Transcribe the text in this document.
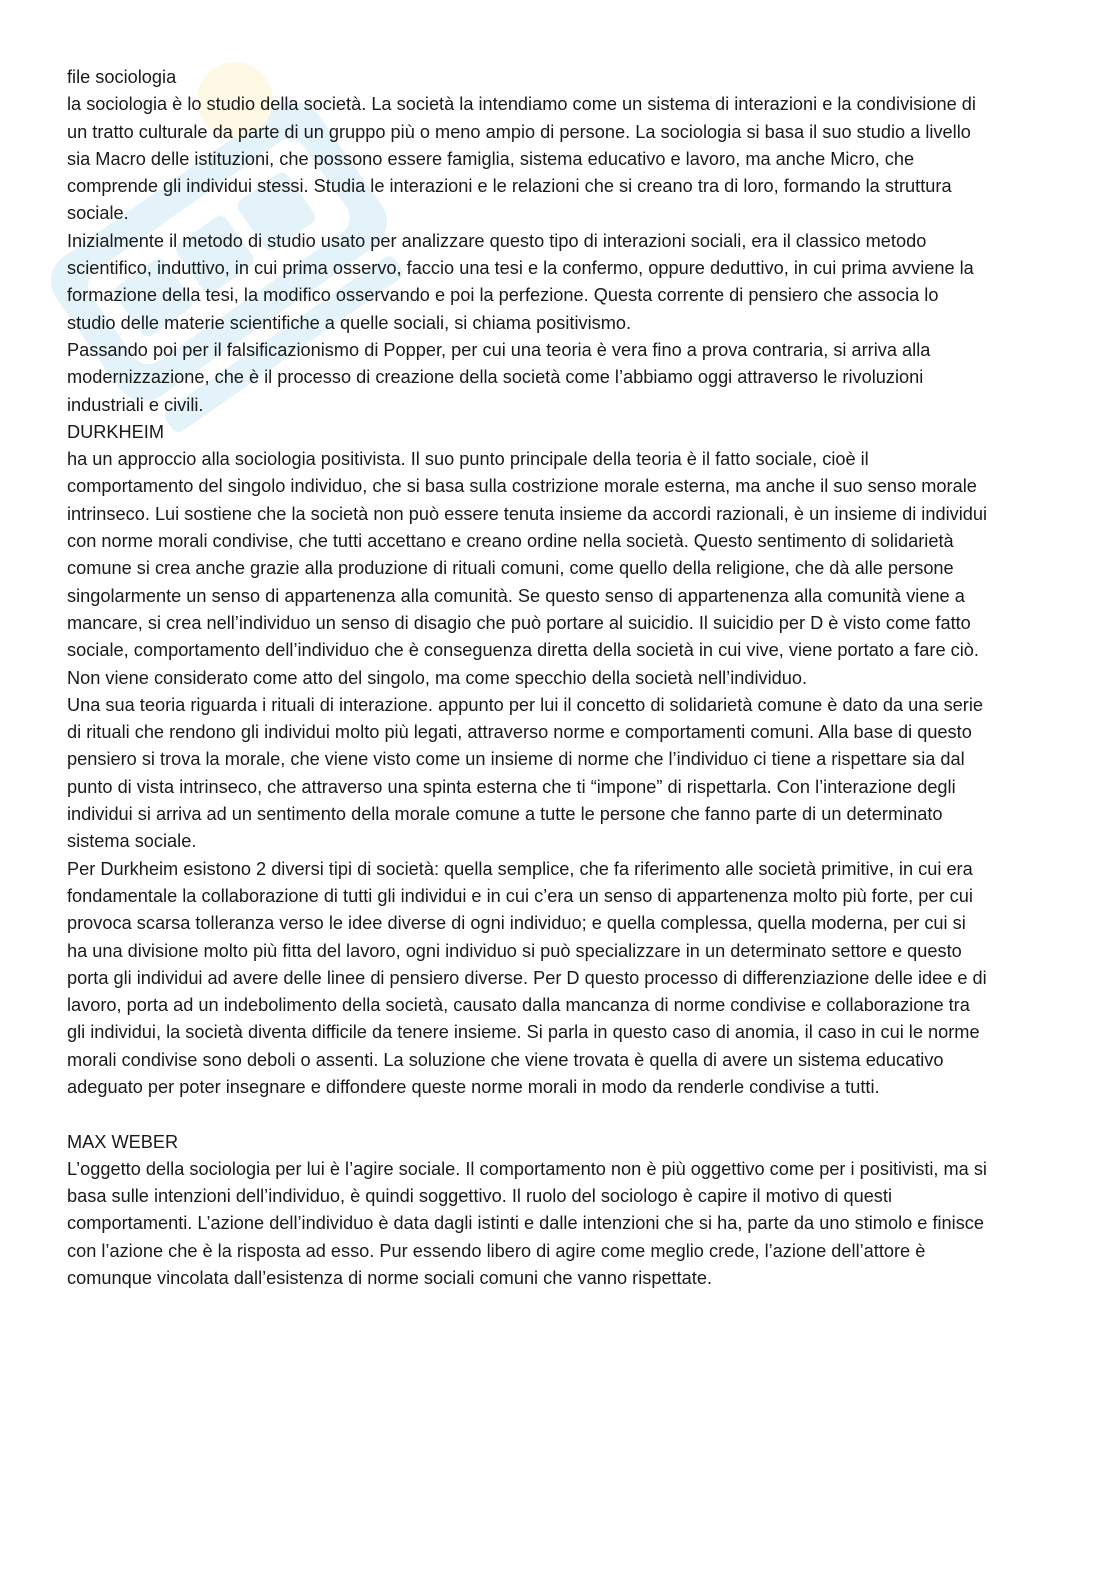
file sociologia

la sociologia è lo studio della società. La società la intendiamo come un sistema di interazioni e la condivisione di un tratto culturale da parte di un gruppo più o meno ampio di persone. La sociologia si basa il suo studio a livello sia Macro delle istituzioni, che possono essere famiglia, sistema educativo e lavoro, ma anche Micro, che comprende gli individui stessi. Studia le interazioni e le relazioni che si creano tra di loro, formando la struttura sociale.

Inizialmente il metodo di studio usato per analizzare questo tipo di interazioni sociali, era il classico metodo scientifico, induttivo, in cui prima osservo, faccio una tesi e la confermo, oppure deduttivo, in cui prima avviene la formazione della tesi, la modifico osservando e poi la perfezione. Questa corrente di pensiero che associa lo studio delle materie scientifiche a quelle sociali, si chiama positivismo.

Passando poi per il falsificazionismo di Popper, per cui una teoria è vera fino a prova contraria, si arriva alla modernizzazione, che è il processo di creazione della società come l’abbiamo oggi attraverso le rivoluzioni industriali e civili.

DURKHEIM

ha un approccio alla sociologia positivista. Il suo punto principale della teoria è il fatto sociale, cioè il comportamento del singolo individuo, che si basa sulla costrizione morale esterna, ma anche il suo senso morale intrinseco. Lui sostiene che la società non può essere tenuta insieme da accordi razionali, è un insieme di individui con norme morali condivise, che tutti accettano e creano ordine nella società. Questo sentimento di solidarietà comune si crea anche grazie alla produzione di rituali comuni, come quello della religione, che dà alle persone singolarmente un senso di appartenenza alla comunità. Se questo senso di appartenenza alla comunità viene a mancare, si crea nell’individuo un senso di disagio che può portare al suicidio. Il suicidio per D è visto come fatto sociale, comportamento dell’individuo che è conseguenza diretta della società in cui vive, viene portato a fare ciò. Non viene considerato come atto del singolo, ma come specchio della società nell’individuo.

Una sua teoria riguarda i rituali di interazione. appunto per lui il concetto di solidarietà comune è dato da una serie di rituali che rendono gli individui molto più legati, attraverso norme e comportamenti comuni. Alla base di questo pensiero si trova la morale, che viene visto come un insieme di norme che l’individuo ci tiene a rispettare sia dal punto di vista intrinseco, che attraverso una spinta esterna che ti “impone” di rispettarla. Con l’interazione degli individui si arriva ad un sentimento della morale comune a tutte le persone che fanno parte di un determinato sistema sociale.

Per Durkheim esistono 2 diversi tipi di società: quella semplice, che fa riferimento alle società primitive, in cui era fondamentale la collaborazione di tutti gli individui e in cui c’era un senso di appartenenza molto più forte, per cui provoca scarsa tolleranza verso le idee diverse di ogni individuo; e quella complessa, quella moderna, per cui si ha una divisione molto più fitta del lavoro, ogni individuo si può specializzare in un determinato settore e questo porta gli individui ad avere delle linee di pensiero diverse. Per D questo processo di differenziazione delle idee e di lavoro, porta ad un indebolimento della società, causato dalla mancanza di norme condivise e collaborazione tra gli individui, la società diventa difficile da tenere insieme. Si parla in questo caso di anomia, il caso in cui le norme morali condivise sono deboli o assenti. La soluzione che viene trovata è quella di avere un sistema educativo adeguato per poter insegnare e diffondere queste norme morali in modo da renderle condivise a tutti.

MAX WEBER

L’oggetto della sociologia per lui è l’agire sociale. Il comportamento non è più oggettivo come per i positivisti, ma si basa sulle intenzioni dell’individuo, è quindi soggettivo. Il ruolo del sociologo è capire il motivo di questi comportamenti. L’azione dell’individuo è data dagli istinti e dalle intenzioni che si ha, parte da uno stimolo e finisce con l’azione che è la risposta ad esso. Pur essendo libero di agire come meglio crede, l’azione dell’attore è comunque vincolata dall’esistenza di norme sociali comuni che vanno rispettate.
